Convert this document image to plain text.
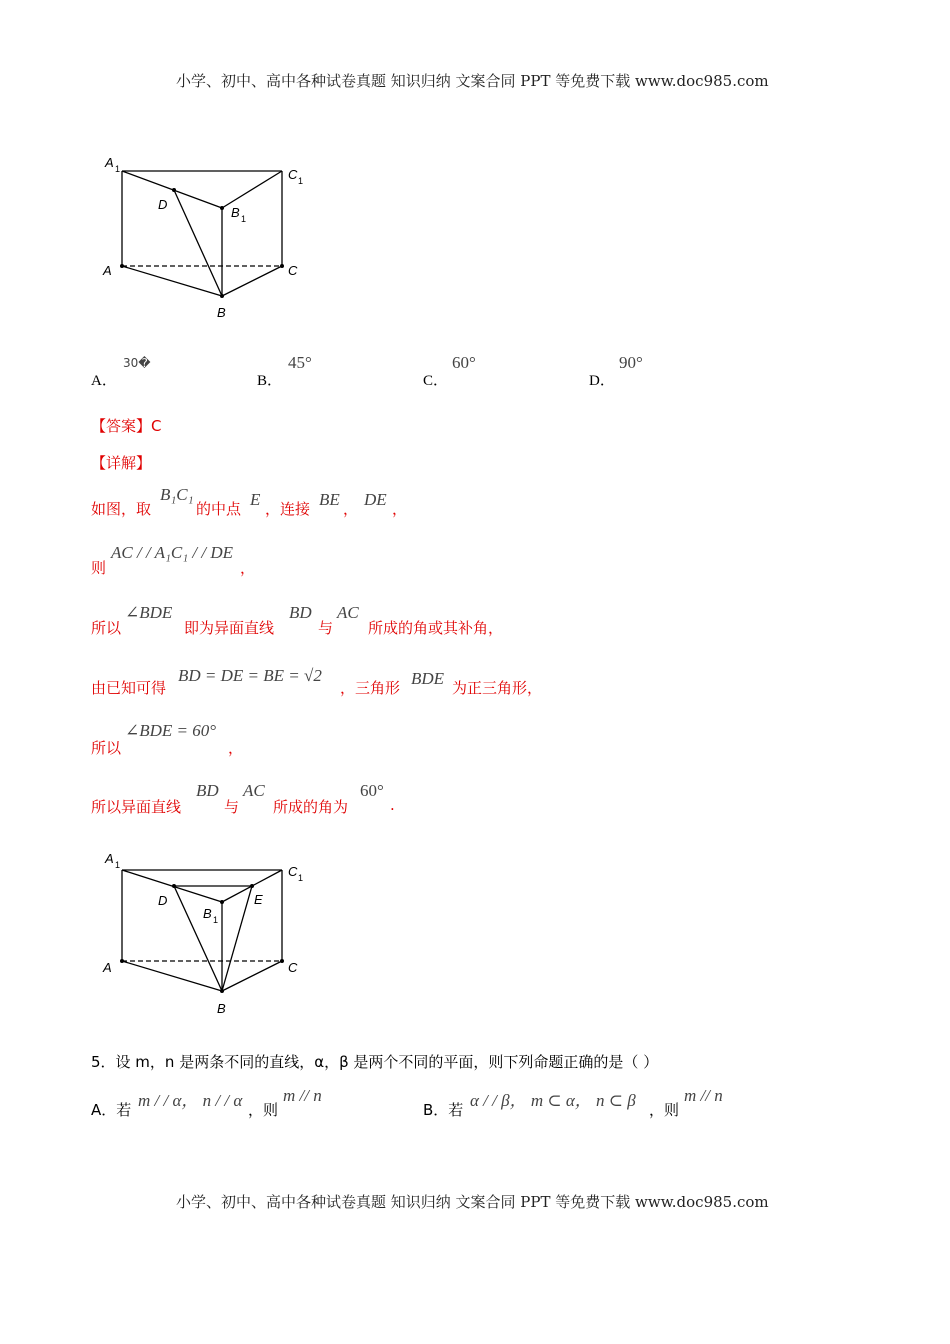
小学、初中、高中各种试卷真题 知识归纳 文案合同 PPT 等免费下载 www.doc985.com
A 1	C 1
D
B 1
A	C
B
A．
30�
B．
45°
C．
60°
D．
90°
【答案】C
【详解】
如图，取
B₁C₁
的中点 E ，连接 BE ， DE ，
则
AC / / A₁C₁ / / DE
，
所以
∠BDE
即为异面直线
BD
与
AC
所成的角或其补角，
由已知可得
BD = DE = BE = √2
，三角形 BDE 为正三角形，
所以
∠BDE = 60°
，
所以异面直线
BD
与
AC
所成的角为
60°
.
A 1	C 1
D	E
B 1
A	C
B
5．设 m，n 是两条不同的直线，α，β 是两个不同的平面，则下列命题正确的是（ ）
A．若 m / / α， n / / α ，则
m // n
B．若 α / / β， m ⊂ α， n ⊂ β ，则
m // n
小学、初中、高中各种试卷真题 知识归纳 文案合同 PPT 等免费下载 www.doc985.com
